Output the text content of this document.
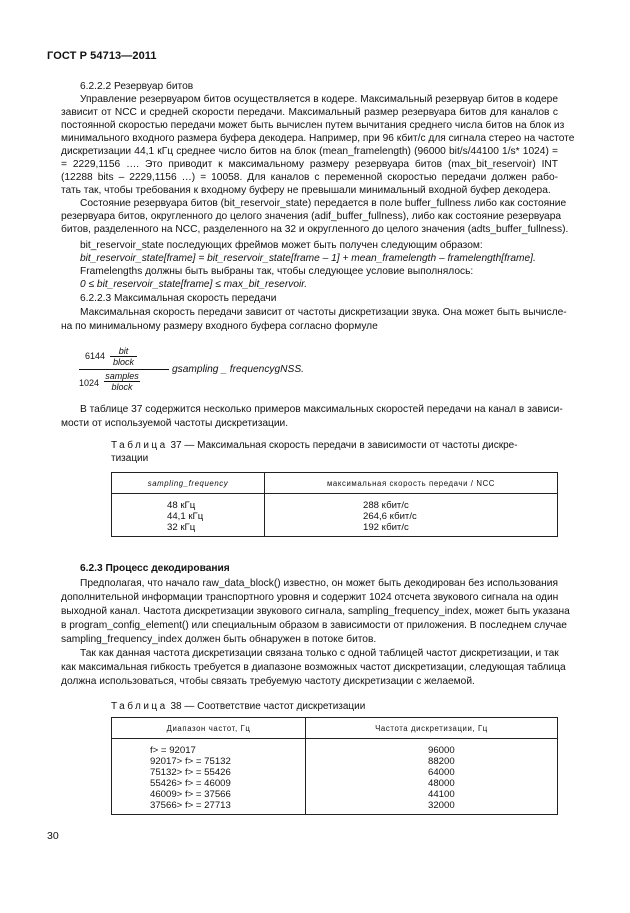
ГОСТ Р 54713—2011
6.2.2.2 Резервуар битов
Управление резервуаром битов осуществляется в кодере. Максимальный резервуар битов в кодере
зависит от NCC и средней скорости передачи. Максимальный размер резервуара битов для каналов с
постоянной скоростью передачи может быть вычислен путем вычитания среднего числа битов на блок из
минимального входного размера буфера декодера. Например, при 96 кбит/с для сигнала стерео на частоте
дискретизации 44,1 кГц среднее число битов на блок (mean_framelength) (96000 bit/s/44100 1/s* 1024) =
= 2229,1156 …. Это приводит к максимальному размеру резервуара битов (max_bit_reservoir) INT
(12288 bits – 2229,1156 …) = 10058. Для каналов с переменной скоростью передачи должен рабо-
тать так, чтобы требования к входному буферу не превышали минимальный входной буфер декодера.
Состояние резервуара битов (bit_reservoir_state) передается в поле buffer_fullness либо как состояние
резервуара битов, округленного до целого значения (adif_buffer_fullness), либо как состояние резервуара
битов, разделенного на NCC, разделенного на 32 и округленного до целого значения (adts_buffer_fullness).
bit_reservoir_state последующих фреймов может быть получен следующим образом:
bit_reservoir_state[frame] = bit_reservoir_state[frame – 1] + mean_framelength – framelength[frame].
Framelengths должны быть выбраны так, чтобы следующее условие выполнялось:
0 ≤ bit_reservoir_state[frame] ≤ max_bit_reservoir.
6.2.2.3 Максимальная скорость передачи
Максимальная скорость передачи зависит от частоты дискретизации звука. Она может быть вычисле-
на по минимальному размеру входного буфера согласно формуле
6144	bit
block
1024
samples
block
gsampling _ frequencygNSS.
В таблице 37 содержится несколько примеров максимальных скоростей передачи на канал в зависи-
мости от используемой частоты дискретизации.
Таблица 37 — Максимальная скорость передачи в зависимости от частоты дискре-
тизации
sampling_frequency	максимальная скорость передачи / NCC

48 кГц	288 кбит/с
44,1 кГц	264,6 кбит/с
32 кГц	192 кбит/с
6.2.3 Процесс декодирования
Предполагая, что начало raw_data_block() известно, он может быть декодирован без использования
дополнительной информации транспортного уровня и содержит 1024 отсчета звукового сигнала на один
выходной канал. Частота дискретизации звукового сигнала, sampling_frequency_index, может быть указана
в program_config_element() или специальным образом в зависимости от приложения. В последнем случае
sampling_frequency_index должен быть обнаружен в потоке битов.
Так как данная частота дискретизации связана только с одной таблицей частот дискретизации, и так
как максимальная гибкость требуется в диапазоне возможных частот дискретизации, следующая таблица
должна использоваться, чтобы связать требуемую частоту дискретизации с желаемой.
Таблица 38 — Соответствие частот дискретизации
Диапазон частот, Гц	Частота дискретизации, Гц

f> = 92017	96000
92017> f> = 75132	88200
75132> f> = 55426	64000
55426> f> = 46009	48000
46009> f> = 37566	44100
37566> f> = 27713	32000
30
